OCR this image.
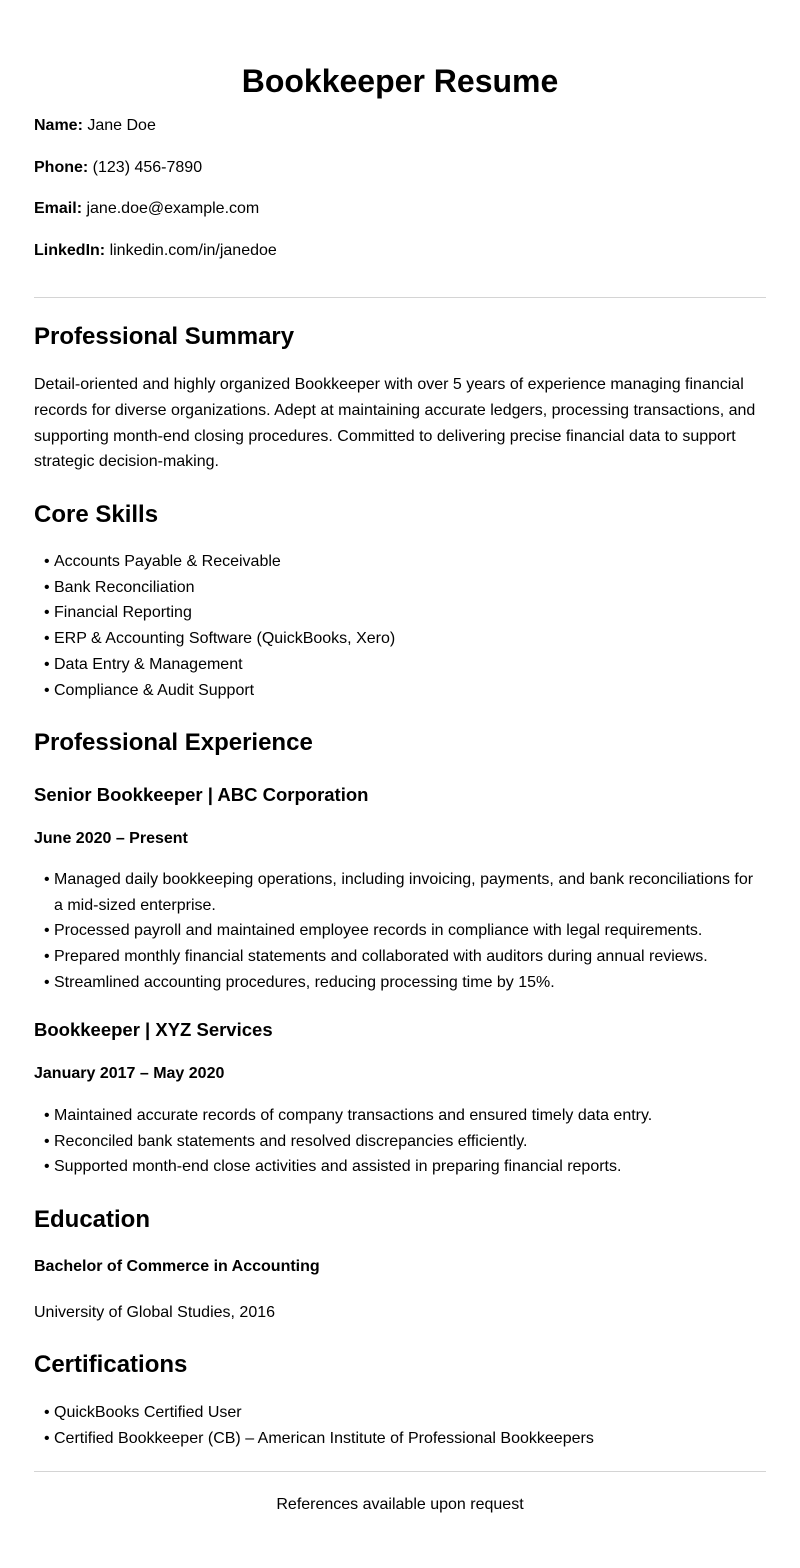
Bookkeeper Resume
Name: Jane Doe
Phone: (123) 456-7890
Email: jane.doe@example.com
LinkedIn: linkedin.com/in/janedoe
Professional Summary

Detail-oriented and highly organized Bookkeeper with over 5 years of experience managing financial records for diverse organizations. Adept at maintaining accurate ledgers, processing transactions, and supporting month-end closing procedures. Committed to delivering precise financial data to support strategic decision-making.

Core Skills
• Accounts Payable & Receivable
• Bank Reconciliation
• Financial Reporting
• ERP & Accounting Software (QuickBooks, Xero)
• Data Entry & Management
• Compliance & Audit Support
Professional Experience
Senior Bookkeeper | ABC Corporation
June 2020 – Present
• Managed daily bookkeeping operations, including invoicing, payments, and bank reconciliations for a mid-sized enterprise.
• Processed payroll and maintained employee records in compliance with legal requirements.
• Prepared monthly financial statements and collaborated with auditors during annual reviews.
• Streamlined accounting procedures, reducing processing time by 15%.
Bookkeeper | XYZ Services
January 2017 – May 2020
• Maintained accurate records of company transactions and ensured timely data entry.
• Reconciled bank statements and resolved discrepancies efficiently.
• Supported month-end close activities and assisted in preparing financial reports.
Education
Bachelor of Commerce in Accounting
University of Global Studies, 2016
Certifications
• QuickBooks Certified User
• Certified Bookkeeper (CB) – American Institute of Professional Bookkeepers
References available upon request
